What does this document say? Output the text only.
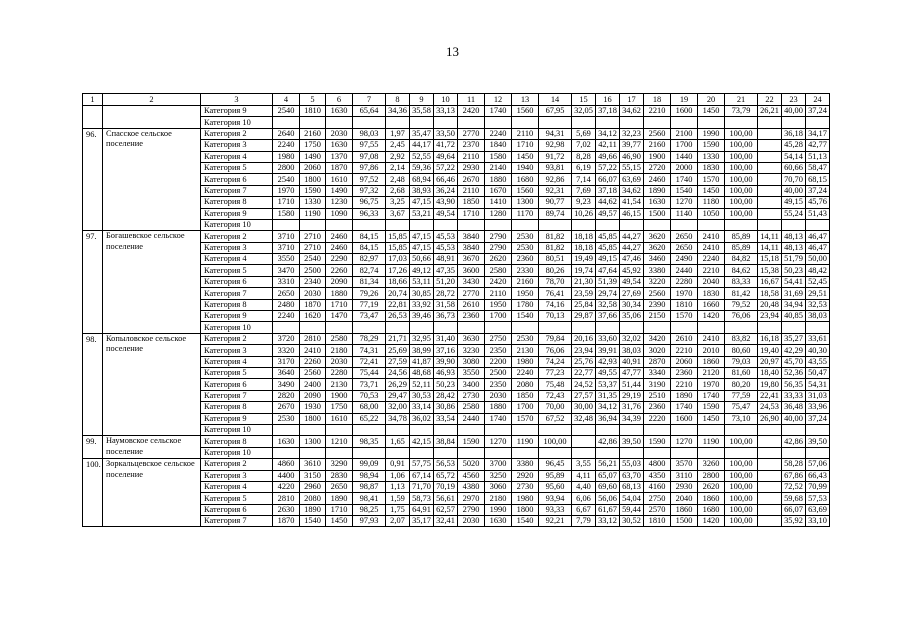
13
1	2	3	4	5	6	7	8	9	10	11	12	13	14	15	16	17	18	19	20	21	22	23	24
		Категория 9	2540	1810	1630	65,64	34,36	35,58	33,13	2420	1740	1560	67,95	32,05	37,18	34,62	2210	1600	1450	73,79	26,21	40,00	37,24
		Категория 10																					
96.	Спасское сельское поселение	Категория 2	2640	2160	2030	98,03	1,97	35,47	33,50	2770	2240	2110	94,31	5,69	34,12	32,23	2560	2100	1990	100,00		36,18	34,17
		Категория 3	2240	1750	1630	97,55	2,45	44,17	41,72	2370	1840	1710	92,98	7,02	42,11	39,77	2160	1700	1590	100,00		45,28	42,77
		Категория 4	1980	1490	1370	97,08	2,92	52,55	49,64	2110	1580	1450	91,72	8,28	49,66	46,90	1900	1440	1330	100,00		54,14	51,13
		Категория 5	2800	2060	1870	97,86	2,14	59,36	57,22	2930	2140	1940	93,81	6,19	57,22	55,15	2720	2000	1830	100,00		60,66	58,47
		Категория 6	2540	1800	1610	97,52	2,48	68,94	66,46	2670	1880	1680	92,86	7,14	66,07	63,69	2460	1740	1570	100,00		70,70	68,15
		Категория 7	1970	1590	1490	97,32	2,68	38,93	36,24	2110	1670	1560	92,31	7,69	37,18	34,62	1890	1540	1450	100,00		40,00	37,24
		Категория 8	1710	1330	1230	96,75	3,25	47,15	43,90	1850	1410	1300	90,77	9,23	44,62	41,54	1630	1270	1180	100,00		49,15	45,76
		Категория 9	1580	1190	1090	96,33	3,67	53,21	49,54	1710	1280	1170	89,74	10,26	49,57	46,15	1500	1140	1050	100,00		55,24	51,43
		Категория 10																					
97.	Богашевское сельское поселение	Категория 2	3710	2710	2460	84,15	15,85	47,15	45,53	3840	2790	2530	81,82	18,18	45,85	44,27	3620	2650	2410	85,89	14,11	48,13	46,47
		Категория 3	3710	2710	2460	84,15	15,85	47,15	45,53	3840	2790	2530	81,82	18,18	45,85	44,27	3620	2650	2410	85,89	14,11	48,13	46,47
		Категория 4	3550	2540	2290	82,97	17,03	50,66	48,91	3670	2620	2360	80,51	19,49	49,15	47,46	3460	2490	2240	84,82	15,18	51,79	50,00
		Категория 5	3470	2500	2260	82,74	17,26	49,12	47,35	3600	2580	2330	80,26	19,74	47,64	45,92	3380	2440	2210	84,62	15,38	50,23	48,42
		Категория 6	3310	2340	2090	81,34	18,66	53,11	51,20	3430	2420	2160	78,70	21,30	51,39	49,54	3220	2280	2040	83,33	16,67	54,41	52,45
		Категория 7	2650	2030	1880	79,26	20,74	30,85	28,72	2770	2110	1950	76,41	23,59	29,74	27,69	2560	1970	1830	81,42	18,58	31,69	29,51
		Категория 8	2480	1870	1710	77,19	22,81	33,92	31,58	2610	1950	1780	74,16	25,84	32,58	30,34	2390	1810	1660	79,52	20,48	34,94	32,53
		Категория 9	2240	1620	1470	73,47	26,53	39,46	36,73	2360	1700	1540	70,13	29,87	37,66	35,06	2150	1570	1420	76,06	23,94	40,85	38,03
		Категория 10																					
98.	Копыловское сельское поселение	Категория 2	3720	2810	2580	78,29	21,71	32,95	31,40	3630	2750	2530	79,84	20,16	33,60	32,02	3420	2610	2410	83,82	16,18	35,27	33,61
		Категория 3	3320	2410	2180	74,31	25,69	38,99	37,16	3230	2350	2130	76,06	23,94	39,91	38,03	3020	2210	2010	80,60	19,40	42,29	40,30
		Категория 4	3170	2260	2030	72,41	27,59	41,87	39,90	3080	2200	1980	74,24	25,76	42,93	40,91	2870	2060	1860	79,03	20,97	45,70	43,55
		Категория 5	3640	2560	2280	75,44	24,56	48,68	46,93	3550	2500	2240	77,23	22,77	49,55	47,77	3340	2360	2120	81,60	18,40	52,36	50,47
		Категория 6	3490	2400	2130	73,71	26,29	52,11	50,23	3400	2350	2080	75,48	24,52	53,37	51,44	3190	2210	1970	80,20	19,80	56,35	54,31
		Категория 7	2820	2090	1900	70,53	29,47	30,53	28,42	2730	2030	1850	72,43	27,57	31,35	29,19	2510	1890	1740	77,59	22,41	33,33	31,03
		Категория 8	2670	1930	1750	68,00	32,00	33,14	30,86	2580	1880	1700	70,00	30,00	34,12	31,76	2360	1740	1590	75,47	24,53	36,48	33,96
		Категория 9	2530	1800	1610	65,22	34,78	36,02	33,54	2440	1740	1570	67,52	32,48	36,94	34,39	2220	1600	1450	73,10	26,90	40,00	37,24
		Категория 10																					
99.	Наумовское сельское поселение	Категория 8	1630	1300	1210	98,35	1,65	42,15	38,84	1590	1270	1190	100,00		42,86	39,50	1590	1270	1190	100,00		42,86	39,50
		Категория 10																					
100.	Зоркальцевское сельское поселение	Категория 2	4860	3610	3290	99,09	0,91	57,75	56,53	5020	3700	3380	96,45	3,55	56,21	55,03	4800	3570	3260	100,00		58,28	57,06
		Категория 3	4400	3150	2830	98,94	1,06	67,14	65,72	4560	3250	2920	95,89	4,11	65,07	63,70	4350	3110	2800	100,00		67,86	66,43
		Категория 4	4220	2960	2650	98,87	1,13	71,70	70,19	4380	3060	2730	95,60	4,40	69,60	68,13	4160	2930	2620	100,00		72,52	70,99
		Категория 5	2810	2080	1890	98,41	1,59	58,73	56,61	2970	2180	1980	93,94	6,06	56,06	54,04	2750	2040	1860	100,00		59,68	57,53
		Категория 6	2630	1890	1710	98,25	1,75	64,91	62,57	2790	1990	1800	93,33	6,67	61,67	59,44	2570	1860	1680	100,00		66,07	63,69
		Категория 7	1870	1540	1450	97,93	2,07	35,17	32,41	2030	1630	1540	92,21	7,79	33,12	30,52	1810	1500	1420	100,00		35,92	33,10
